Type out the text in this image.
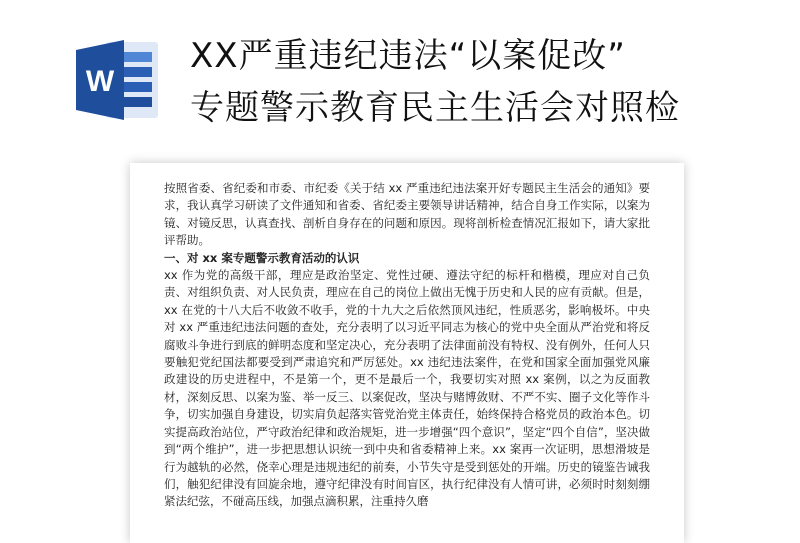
W
XX严重违纪违法“以案促改”
专题警示教育民主生活会对照检

按照省委、省纪委和市委、市纪委《关于结 xx 严重违纪违法案开好专题民主生活会的通知》要求，我认真学习研读了文件通知和省委、省纪委主要领导讲话精神，结合自身工作实际，以案为镜、对镜反思，认真查找、剖析自身存在的问题和原因。现将剖析检查情况汇报如下，请大家批评帮助。

一、对 xx 案专题警示教育活动的认识

xx 作为党的高级干部，理应是政治坚定、党性过硬、遵法守纪的标杆和楷模，理应对自己负责、对组织负责、对人民负责，理应在自己的岗位上做出无愧于历史和人民的应有贡献。但是，xx 在党的十八大后不收敛不收手，党的十九大之后依然顶风违纪，性质恶劣，影响极坏。中央对 xx 严重违纪违法问题的查处，充分表明了以习近平同志为核心的党中央全面从严治党和将反腐败斗争进行到底的鲜明态度和坚定决心，充分表明了法律面前没有特权、没有例外，任何人只要触犯党纪国法都要受到严肃追究和严厉惩处。xx 违纪违法案件，在党和国家全面加强党风廉政建设的历史进程中，不是第一个，更不是最后一个，我要切实对照 xx 案例，以之为反面教材，深刻反思、以案为鉴、举一反三、以案促改，坚决与赌博敛财、不严不实、圈子文化等作斗争，切实加强自身建设，切实肩负起落实管党治党主体责任，始终保持合格党员的政治本色。切实提高政治站位，严守政治纪律和政治规矩，进一步增强“四个意识”，坚定“四个自信”，坚决做到“两个维护”，进一步把思想认识统一到中央和省委精神上来。xx 案再一次证明，思想滑坡是行为越轨的必然，侥幸心理是违规违纪的前奏，小节失守是受到惩处的开端。历史的镜鉴告诫我们，触犯纪律没有回旋余地，遵守纪律没有时间盲区，执行纪律没有人情可讲，必须时时刻刻绷紧法纪弦，不碰高压线，加强点滴积累，注重持久磨
